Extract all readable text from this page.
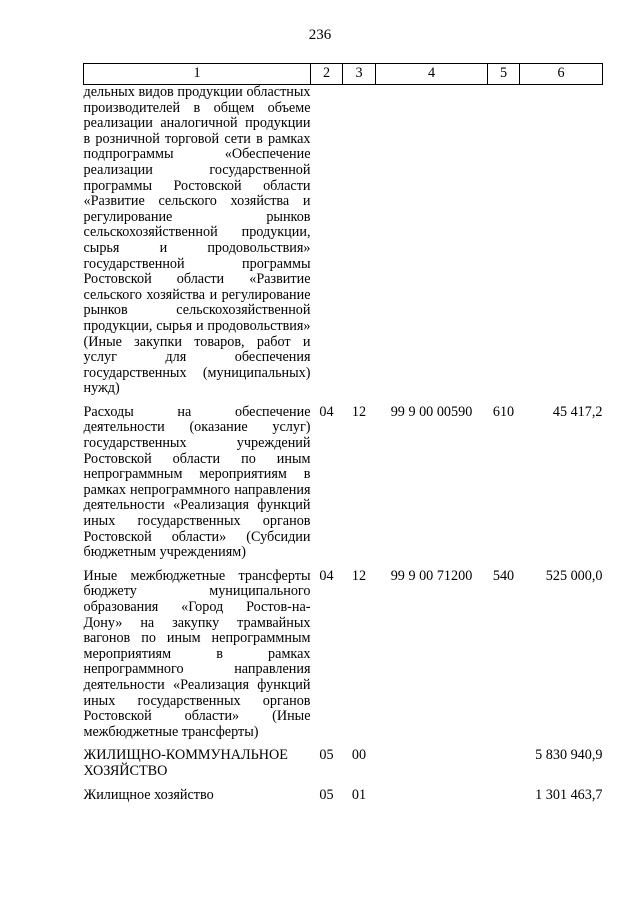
236
1	2	3	4	5	6
дельных видов продукции областных производителей в общем объеме реализации аналогичной продукции в розничной торговой сети в рамках подпрограммы «Обеспечение реализации государственной программы Ростовской области «Развитие сельского хозяйства и регулирование рынков сельскохозяйственной продукции, сырья и продовольствия» государственной программы Ростовской области «Развитие сельского хозяйства и регулирование рынков сельскохозяйственной продукции, сырья и продовольствия» (Иные закупки товаров, работ и услуг для обеспечения государственных (муниципальных) нужд)					
Расходы на обеспечение деятельности (оказание услуг) государственных учреждений Ростовской области по иным непрограммным мероприятиям в рамках непрограммного направления деятельности «Реализация функций иных государственных органов Ростовской области» (Субсидии бюджетным учреждениям)	04	12	99 9 00 00590	610	45 417,2
Иные межбюджетные трансферты бюджету муниципального образования «Город Ростов-на-Дону» на закупку трамвайных вагонов по иным непрограммным мероприятиям в рамках непрограммного направления деятельности «Реализация функций иных государственных органов Ростовской области» (Иные межбюджетные трансферты)	04	12	99 9 00 71200	540	525 000,0
ЖИЛИЩНО-КОММУНАЛЬНОЕ ХОЗЯЙСТВО	05	00			5 830 940,9
Жилищное хозяйство	05	01			1 301 463,7
